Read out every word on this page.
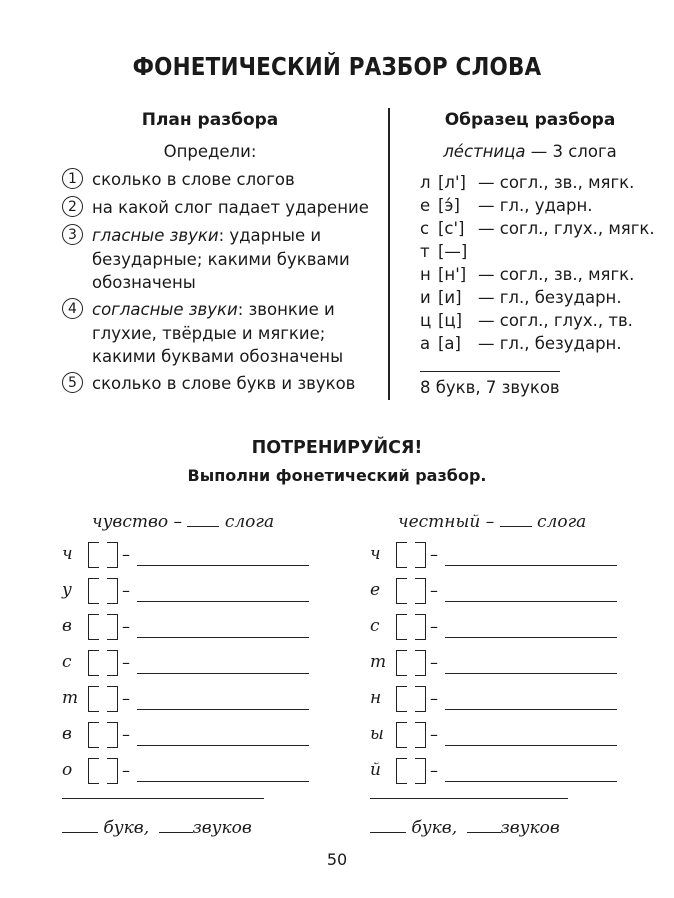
ФОНЕТИЧЕСКИЙ РАЗБОР СЛОВА
План разбора
Определи:
1 сколько в слове слогов
2 на какой слог падает ударение
3 гласные звуки: ударные и безударные; какими буквами обозначены
4 согласные звуки: звонкие и глухие, твёрдые и мягкие; какими буквами обозначены
5 сколько в слове букв и звуков
Образец разбора
ле́стница — 3 слога
л [л'] — согл., зв., мягк.
е [э́] — гл., ударн.
с [с'] — согл., глух., мягк.
т [—]
н [н'] — согл., зв., мягк.
и [и] — гл., безударн.
ц [ц] — согл., глух., тв.
а [а] — гл., безударн.
8 букв, 7 звуков
ПОТРЕНИРУЙСЯ!
Выполни фонетический разбор.
чувство –	слога	честный –	слога
ч	–
у	–
в	–
с	–
т	–
в	–
о	–
ч	–
е	–
с	–
т	–
н	–
ы	–
й	–
букв,	звуков	букв,	звуков
50
